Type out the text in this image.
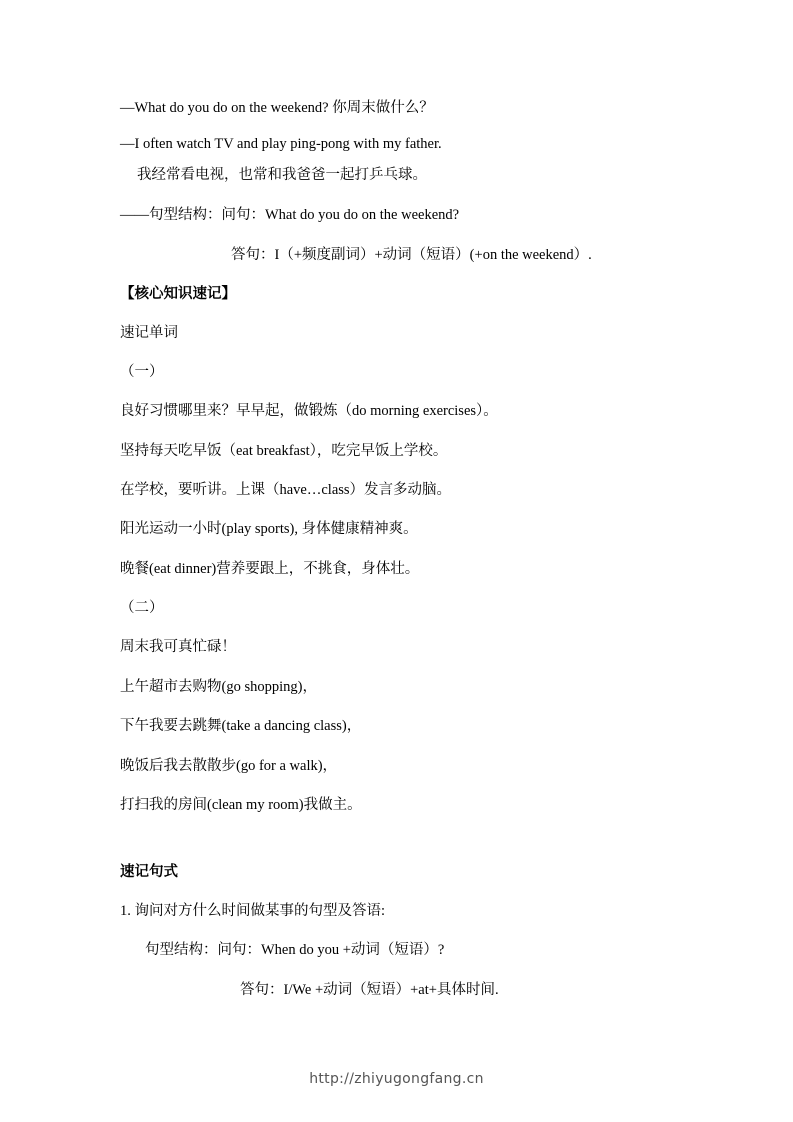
—What do you do on the weekend? 你周末做什么？
—I often watch TV and play ping-pong with my father.
我经常看电视，也常和我爸爸一起打乒乓球。
——句型结构：问句：What do you do on the weekend?
答句：I（+频度副词）+动词（短语）(+on the weekend）.
【核心知识速记】
速记单词
（一）
良好习惯哪里来？早早起，做锻炼（do morning exercises）。
坚持每天吃早饭（eat breakfast），吃完早饭上学校。
在学校，要听讲。上课（have…class）发言多动脑。
阳光运动一小时(play sports), 身体健康精神爽。
晚餐(eat dinner)营养要跟上，不挑食，身体壮。
（二）
周末我可真忙碌！
上午超市去购物(go shopping)，
下午我要去跳舞(take a dancing class)，
晚饭后我去散散步(go for a walk)，
打扫我的房间(clean my room)我做主。
速记句式
1. 询问对方什么时间做某事的句型及答语:
句型结构：问句：When do you +动词（短语）?
答句：I/We +动词（短语）+at+具体时间.
http://zhiyugongfang.cn
